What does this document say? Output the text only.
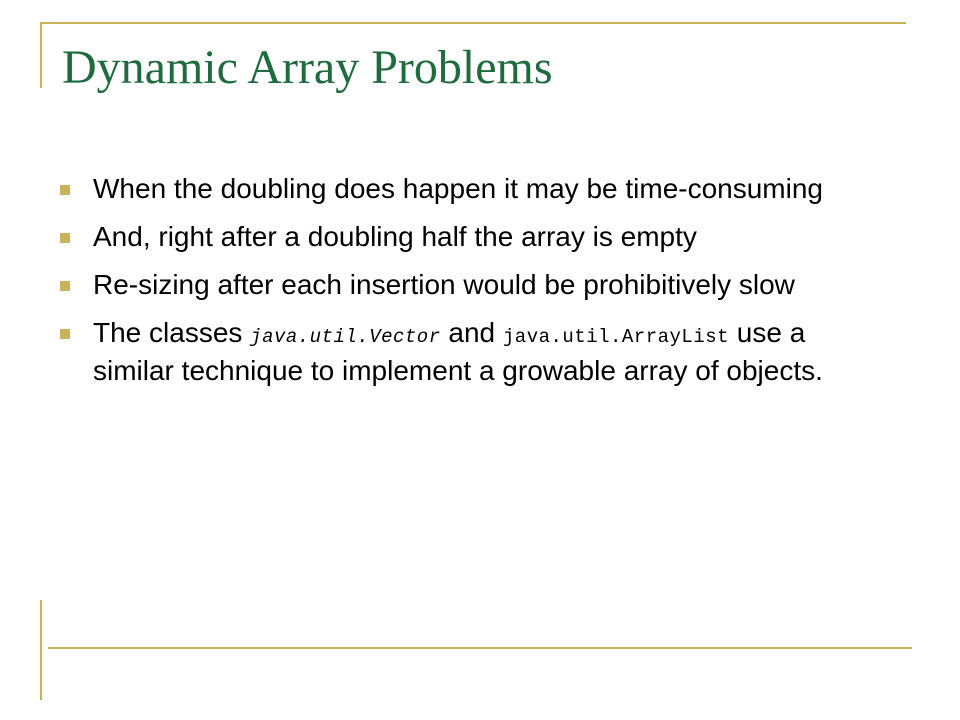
Dynamic Array Problems
When the doubling does happen it may be time-consuming
And, right after a doubling half the array is empty
Re-sizing after each insertion would be prohibitively slow
The classes java.util.Vector and java.util.ArrayList use a similar technique to implement a growable array of objects.
